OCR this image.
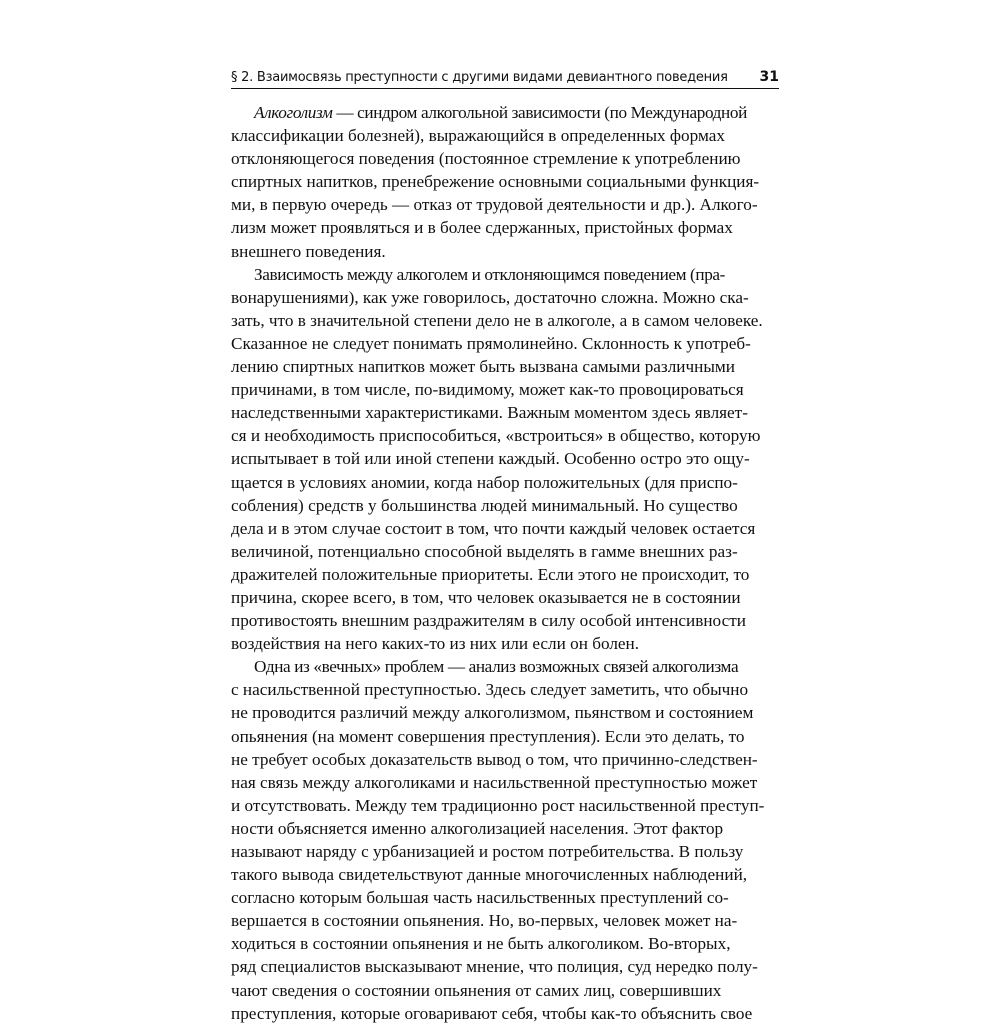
§ 2. Взаимосвязь преступности с другими видами девиантного поведения 31
Алкоголизм — синдром алкогольной зависимости (по Международной
классификации болезней), выражающийся в определенных формах
отклоняющегося поведения (постоянное стремление к употреблению
спиртных напитков, пренебрежение основными социальными функция-
ми, в первую очередь — отказ от трудовой деятельности и др.). Алкого-
лизм может проявляться и в более сдержанных, пристойных формах
внешнего поведения.
Зависимость между алкоголем и отклоняющимся поведением (пра-
вонарушениями), как уже говорилось, достаточно сложна. Можно ска-
зать, что в значительной степени дело не в алкоголе, а в самом человеке.
Сказанное не следует понимать прямолинейно. Склонность к употреб-
лению спиртных напитков может быть вызвана самыми различными
причинами, в том числе, по-видимому, может как-то провоцироваться
наследственными характеристиками. Важным моментом здесь являет-
ся и необходимость приспособиться, «встроиться» в общество, которую
испытывает в той или иной степени каждый. Особенно остро это ощу-
щается в условиях аномии, когда набор положительных (для приспо-
собления) средств у большинства людей минимальный. Но существо
дела и в этом случае состоит в том, что почти каждый человек остается
величиной, потенциально способной выделять в гамме внешних раз-
дражителей положительные приоритеты. Если этого не происходит, то
причина, скорее всего, в том, что человек оказывается не в состоянии
противостоять внешним раздражителям в силу особой интенсивности
воздействия на него каких-то из них или если он болен.
Одна из «вечных» проблем — анализ возможных связей алкоголизма
с насильственной преступностью. Здесь следует заметить, что обычно
не проводится различий между алкоголизмом, пьянством и состоянием
опьянения (на момент совершения преступления). Если это делать, то
не требует особых доказательств вывод о том, что причинно-следствен-
ная связь между алкоголиками и насильственной преступностью может
и отсутствовать. Между тем традиционно рост насильственной преступ-
ности объясняется именно алкоголизацией населения. Этот фактор
называют наряду с урбанизацией и ростом потребительства. В пользу
такого вывода свидетельствуют данные многочисленных наблюдений,
согласно которым большая часть насильственных преступлений со-
вершается в состоянии опьянения. Но, во-первых, человек может на-
ходиться в состоянии опьянения и не быть алкоголиком. Во-вторых,
ряд специалистов высказывают мнение, что полиция, суд нередко полу-
чают сведения о состоянии опьянения от самих лиц, совершивших
преступления, которые оговаривают себя, чтобы как-то объяснить свое
